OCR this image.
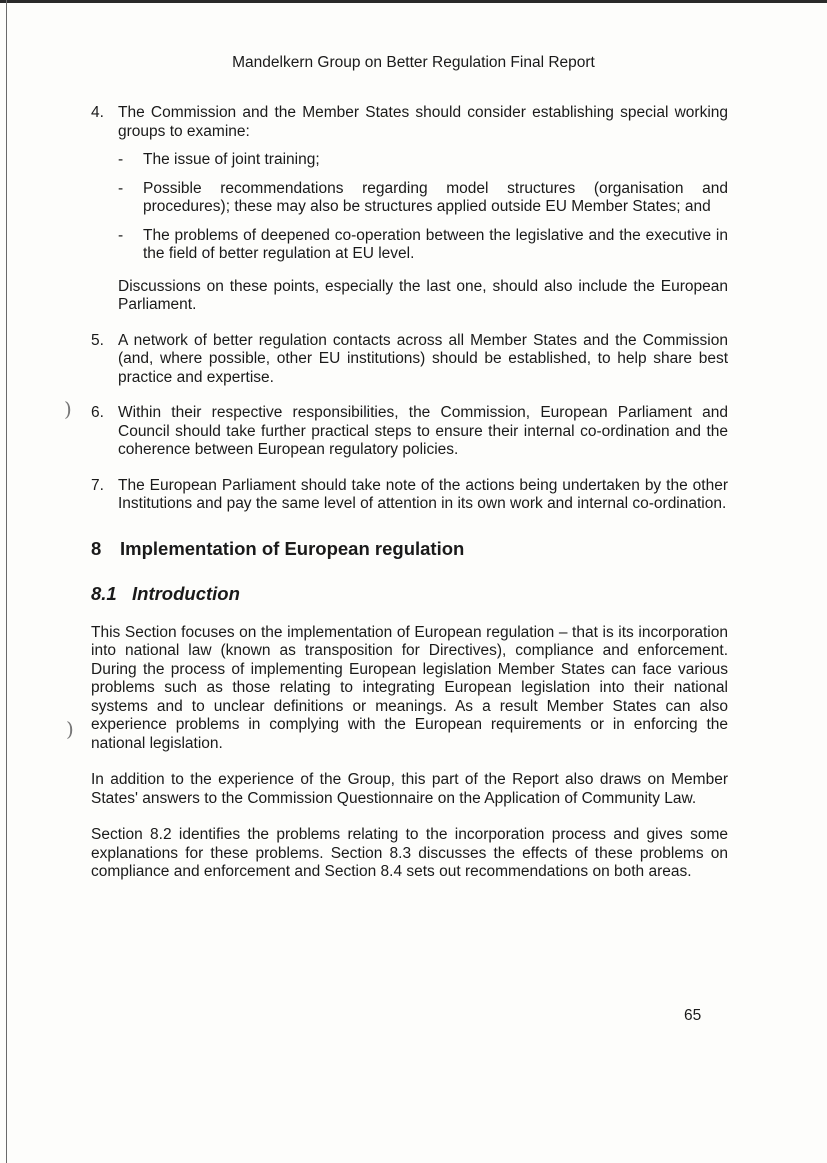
Mandelkern Group on Better Regulation Final Report
4. The Commission and the Member States should consider establishing special working groups to examine:
-	The issue of joint training;
-	Possible recommendations regarding model structures (organisation and procedures); these may also be structures applied outside EU Member States; and
-	The problems of deepened co-operation between the legislative and the executive in the field of better regulation at EU level.
Discussions on these points, especially the last one, should also include the European Parliament.
5. A network of better regulation contacts across all Member States and the Commission (and, where possible, other EU institutions) should be established, to help share best practice and expertise.
6. Within their respective responsibilities, the Commission, European Parliament and Council should take further practical steps to ensure their internal co-ordination and the coherence between European regulatory policies.
7. The European Parliament should take note of the actions being undertaken by the other Institutions and pay the same level of attention in its own work and internal co-ordination.
8 Implementation of European regulation
8.1 Introduction
This Section focuses on the implementation of European regulation – that is its incorporation into national law (known as transposition for Directives), compliance and enforcement. During the process of implementing European legislation Member States can face various problems such as those relating to integrating European legislation into their national systems and to unclear definitions or meanings. As a result Member States can also experience problems in complying with the European requirements or in enforcing the national legislation.
In addition to the experience of the Group, this part of the Report also draws on Member States' answers to the Commission Questionnaire on the Application of Community Law.
Section 8.2 identifies the problems relating to the incorporation process and gives some explanations for these problems. Section 8.3 discusses the effects of these problems on compliance and enforcement and Section 8.4 sets out recommendations on both areas.
)
)
65
